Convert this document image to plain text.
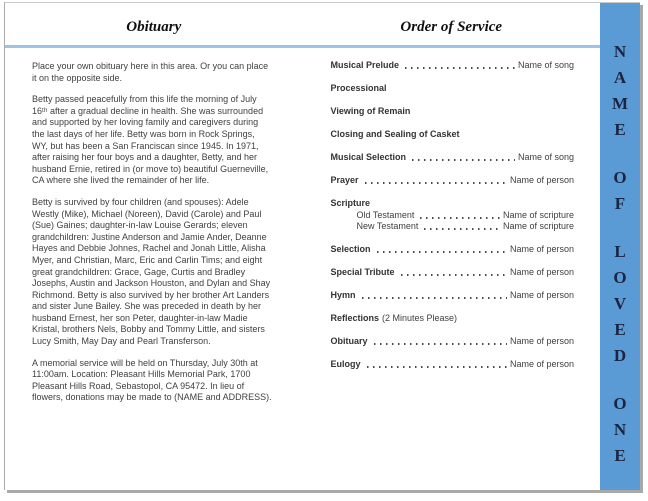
Obituary

Place your own obituary here in this area. Or you can place it on the opposite side.

Betty passed peacefully from this life the morning of July 16ᵗʰ after a gradual decline in health. She was surrounded and supported by her loving family and caregivers during the last days of her life. Betty was born in Rock Springs, WY, but has been a San Franciscan since 1945. In 1971, after raising her four boys and a daughter, Betty, and her husband Ernie, retired in (or move to) beautiful Guerneville, CA where she lived the remainder of her life.

Betty is survived by four children (and spouses): Adele Westly (Mike), Michael (Noreen), David (Carole) and Paul (Sue) Gaines; daughter-in-law Louise Gerards; eleven grandchildren: Justine Anderson and Jamie Ander, Deanne Hayes and Debbie Johnes, Rachel and Jonah Little, Alisha Myer, and Christian, Marc, Eric and Carlin Tims; and eight great grandchildren: Grace, Gage, Curtis and Bradley Josephs, Austin and Jackson Houston, and Dylan and Shay Richmond. Betty is also survived by her brother Art Landers and sister June Bailey. She was preceded in death by her husband Ernest, her son Peter, daughter-in-law Madie Kristal, brothers Nels, Bobby and Tommy Little, and sisters Lucy Smith, May Day and Pearl Transferson.

A memorial service will be held on Thursday, July 30th at 11:00am. Location: Pleasant Hills Memorial Park, 1700 Pleasant Hills Road, Sebastopol, CA 95472. In lieu of flowers, donations may be made to (NAME and ADDRESS).

Order of Service
Musical Prelude	Name of song
Processional
Viewing of Remain
Closing and Sealing of Casket
Musical Selection	Name of song
Prayer	Name of person
Scripture
Old Testament	Name of scripture
New Testament	Name of scripture
Selection	Name of person
Special Tribute	Name of person
Hymn	Name of person
Reflections (2 Minutes Please)
Obituary	Name of person
Eulogy	Name of person
N
A
M
E
O
F
L
O
V
E
D
O
N
E
